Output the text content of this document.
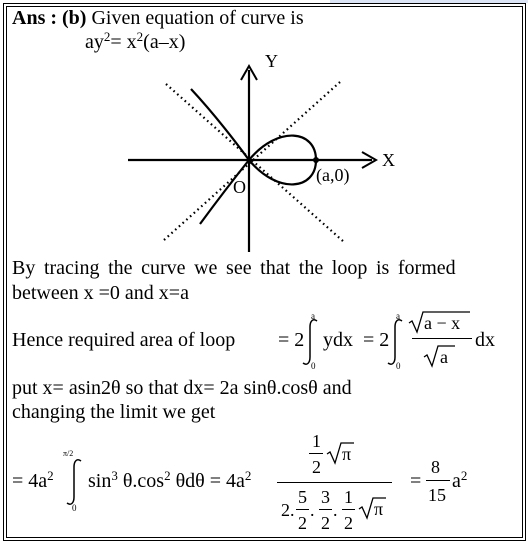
Ans : (b) Given equation of curve is
$ay^2= x^2(a-x)$
Y
X
O
(a,0)
By tracing the curve we see that the loop is formed
between x =0 and x=a
Hence required area of loop = 2
a
0
ydx = 2
a
0
a − x
a
dx
put x= asin2θ so that dx= 2a sinθ.cosθ and
changing the limit we get
= $4a^2$
π/2
0
$\sin^3 \theta.\cos^2$ $\theta d\theta = 4a^2$
1
2
π
2.
5
2
.
3
2
.
1
2
π
=
8
15
$a^2$
